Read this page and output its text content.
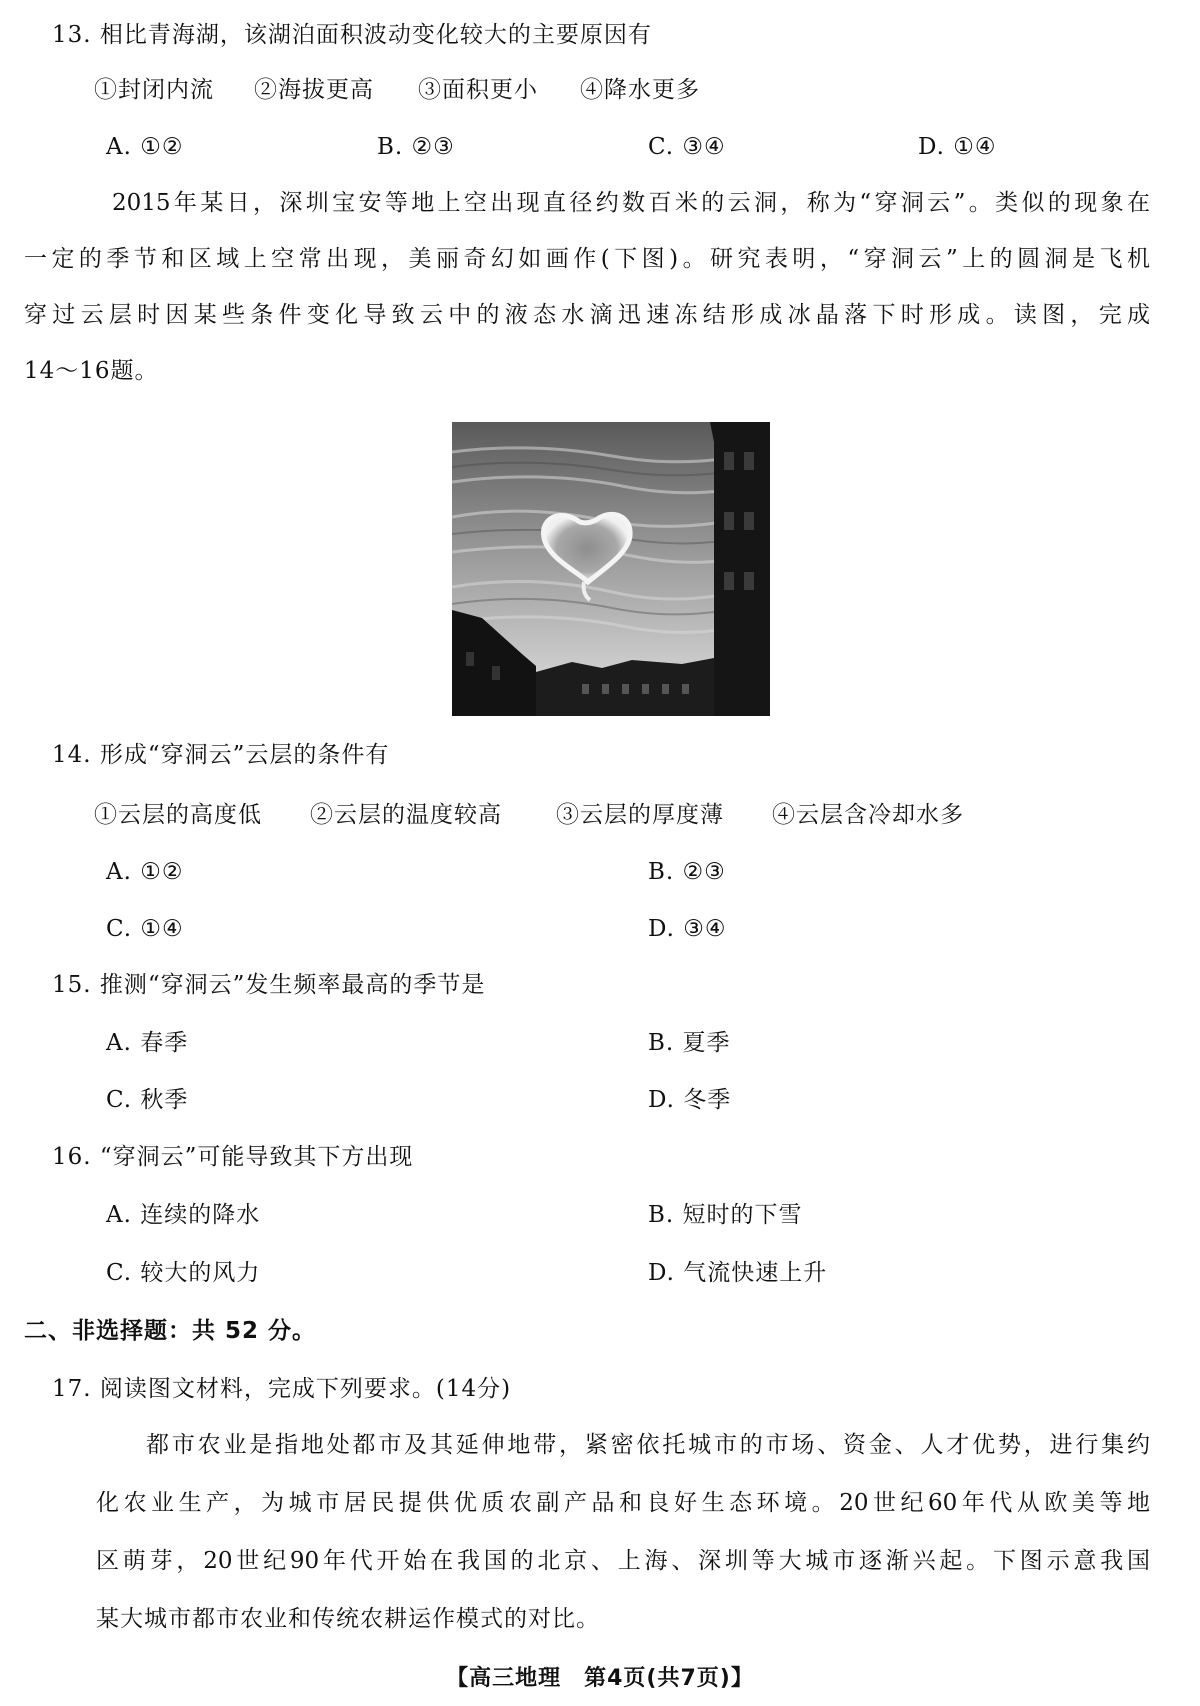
13. 相比青海湖，该湖泊面积波动变化较大的主要原因有
①封闭内流 ②海拔更高 ③面积更小 ④降水更多
A. ①②	B. ②③	C. ③④	D. ①④
2015年某日，深圳宝安等地上空出现直径约数百米的云洞，称为“穿洞云”。类似的现象在
一定的季节和区域上空常出现，美丽奇幻如画作(下图)。研究表明，“穿洞云”上的圆洞是飞机
穿过云层时因某些条件变化导致云中的液态水滴迅速冻结形成冰晶落下时形成。读图，完成
14～16题。
14. 形成“穿洞云”云层的条件有
①云层的高度低 ②云层的温度较高 ③云层的厚度薄 ④云层含冷却水多
A. ①②	B. ②③
C. ①④	D. ③④
15. 推测“穿洞云”发生频率最高的季节是
A. 春季	B. 夏季
C. 秋季	D. 冬季
16. “穿洞云”可能导致其下方出现
A. 连续的降水	B. 短时的下雪
C. 较大的风力	D. 气流快速上升
二、非选择题：共 52 分。
17. 阅读图文材料，完成下列要求。(14分)
都市农业是指地处都市及其延伸地带，紧密依托城市的市场、资金、人才优势，进行集约
化农业生产，为城市居民提供优质农副产品和良好生态环境。20世纪60年代从欧美等地
区萌芽，20世纪90年代开始在我国的北京、上海、深圳等大城市逐渐兴起。下图示意我国
某大城市都市农业和传统农耕运作模式的对比。
【高三地理　第4页(共7页)】
